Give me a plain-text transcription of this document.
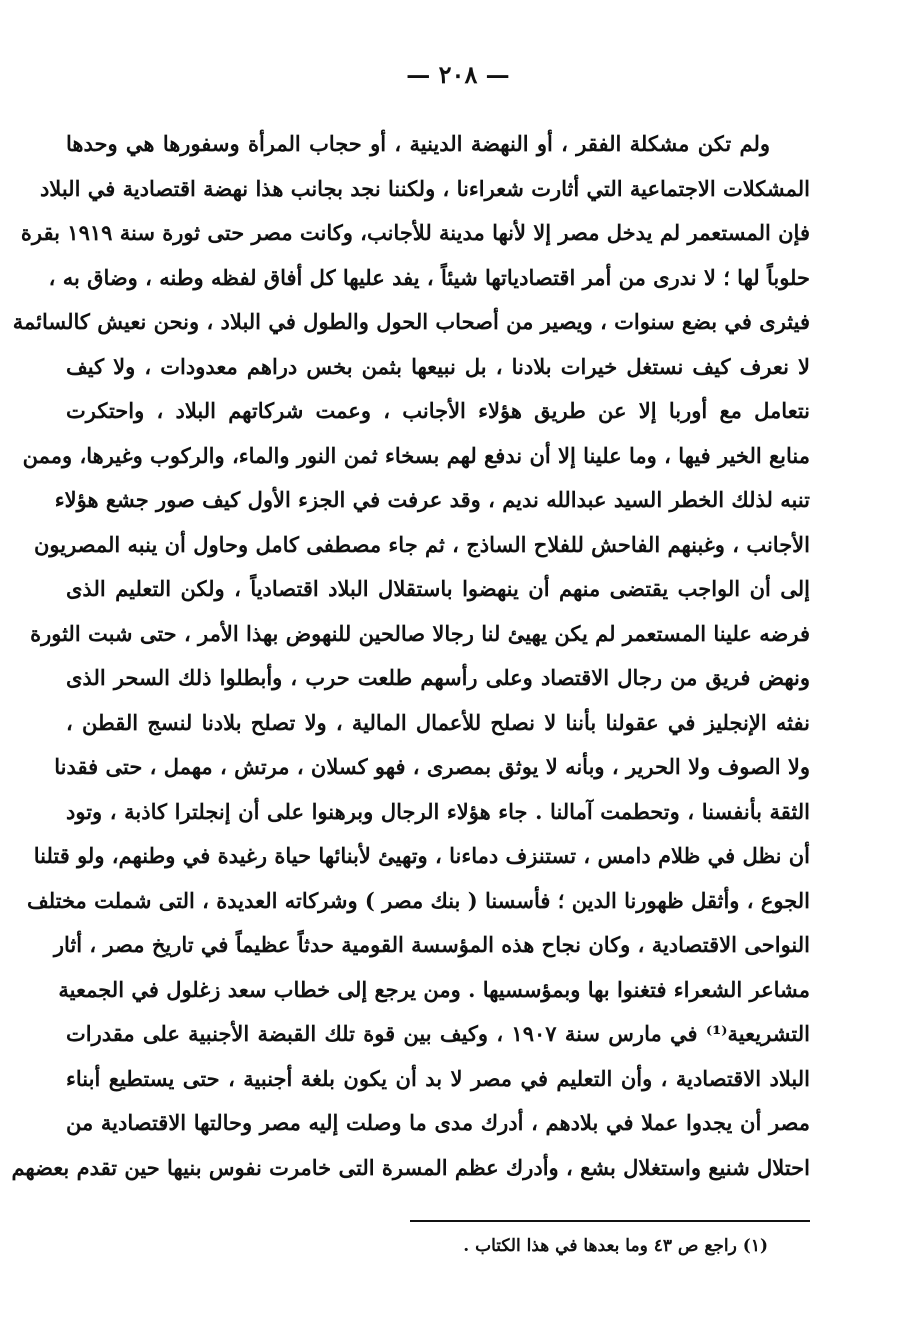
— ٢٠٨ —
ولم تكن مشكلة الفقر ، أو النهضة الدينية ، أو حجاب المرأة وسفورها هي وحدها
المشكلات الاجتماعية التي أثارت شعراءنا ، ولكننا نجد بجانب هذا نهضة اقتصادية في البلاد
فإن المستعمر لم يدخل مصر إلا لأنها مدينة للأجانب، وكانت مصر حتى ثورة سنة ١٩١٩ بقرة
حلوباً لها ؛ لا ندرى من أمر اقتصادياتها شيئاً ، يفد عليها كل أفاق لفظه وطنه ، وضاق به ،
فيثرى في بضع سنوات ، ويصير من أصحاب الحول والطول في البلاد ، ونحن نعيش كالسائمة
لا نعرف كيف نستغل خيرات بلادنا ، بل نبيعها بثمن بخس دراهم معدودات ، ولا كيف
نتعامل مع أوربا إلا عن طريق هؤلاء الأجانب ، وعمت شركاتهم البلاد ، واحتكرت
منابع الخير فيها ، وما علينا إلا أن ندفع لهم بسخاء ثمن النور والماء، والركوب وغيرها، وممن
تنبه لذلك الخطر السيد عبدالله نديم ، وقد عرفت في الجزء الأول كيف صور جشع هؤلاء
الأجانب ، وغبنهم الفاحش للفلاح الساذج ، ثم جاء مصطفى كامل وحاول أن ينبه المصريون
إلى أن الواجب يقتضى منهم أن ينهضوا باستقلال البلاد اقتصادياً ، ولكن التعليم الذى
فرضه علينا المستعمر لم يكن يهيئ لنا رجالا صالحين للنهوض بهذا الأمر ، حتى شبت الثورة
ونهض فريق من رجال الاقتصاد وعلى رأسهم طلعت حرب ، وأبطلوا ذلك السحر الذى
نفثه الإنجليز في عقولنا بأننا لا نصلح للأعمال المالية ، ولا تصلح بلادنا لنسج القطن ،
ولا الصوف ولا الحرير ، وبأنه لا يوثق بمصرى ، فهو كسلان ، مرتش ، مهمل ، حتى فقدنا
الثقة بأنفسنا ، وتحطمت آمالنا . جاء هؤلاء الرجال وبرهنوا على أن إنجلترا كاذبة ، وتود
أن نظل في ظلام دامس ، تستنزف دماءنا ، وتهيئ لأبنائها حياة رغيدة في وطنهم، ولو قتلنا
الجوع ، وأثقل ظهورنا الدين ؛ فأسسنا ( بنك مصر ) وشركاته العديدة ، التى شملت مختلف
النواحى الاقتصادية ، وكان نجاح هذه المؤسسة القومية حدثاً عظيماً في تاريخ مصر ، أثار
مشاعر الشعراء فتغنوا بها وبمؤسسيها . ومن يرجع إلى خطاب سعد زغلول في الجمعية
التشريعية⁽¹⁾ في مارس سنة ١٩٠٧ ، وكيف بين قوة تلك القبضة الأجنبية على مقدرات
البلاد الاقتصادية ، وأن التعليم في مصر لا بد أن يكون بلغة أجنبية ، حتى يستطيع أبناء
مصر أن يجدوا عملا في بلادهم ، أدرك مدى ما وصلت إليه مصر وحالتها الاقتصادية من
احتلال شنيع واستغلال بشع ، وأدرك عظم المسرة التى خامرت نفوس بنيها حين تقدم بعضهم
(١) راجع ص ٤٣ وما بعدها في هذا الكتاب .
